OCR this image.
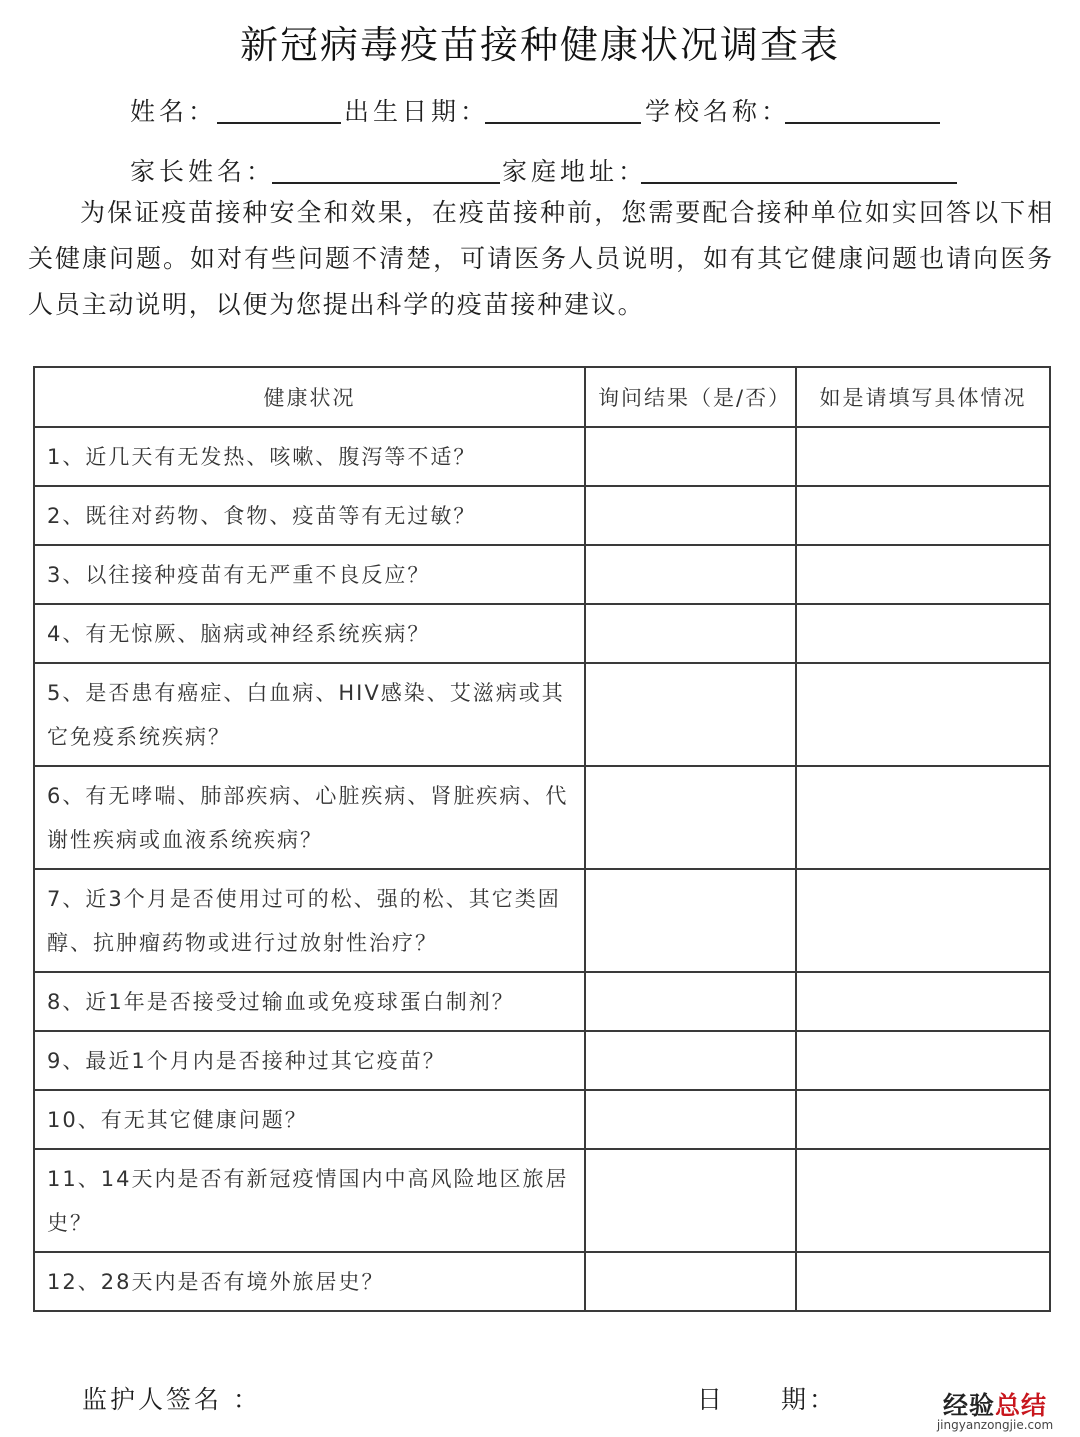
新冠病毒疫苗接种健康状况调查表
姓名：	出生日期：	学校名称：
家长姓名：	家庭地址：

为保证疫苗接种安全和效果，在疫苗接种前，您需要配合接种单位如实回答以下相关健康问题。如对有些问题不清楚，可请医务人员说明，如有其它健康问题也请向医务人员主动说明，以便为您提出科学的疫苗接种建议。

健康状况	询问结果（是/否）	如是请填写具体情况
1、近几天有无发热、咳嗽、腹泻等不适？		
2、既往对药物、食物、疫苗等有无过敏？		
3、以往接种疫苗有无严重不良反应？		
4、有无惊厥、脑病或神经系统疾病？		
5、是否患有癌症、白血病、HIV感染、艾滋病或其它免疫系统疾病？		
6、有无哮喘、肺部疾病、心脏疾病、肾脏疾病、代谢性疾病或血液系统疾病？		
7、近3个月是否使用过可的松、强的松、其它类固醇、抗肿瘤药物或进行过放射性治疗？		
8、近1年是否接受过输血或免疫球蛋白制剂？		
9、最近1个月内是否接种过其它疫苗？		
10、有无其它健康问题？		
11、14天内是否有新冠疫情国内中高风险地区旅居史？		
12、28天内是否有境外旅居史？		
监护人签名 ：	日　　期：	经验总结
jingyanzongjie.com
